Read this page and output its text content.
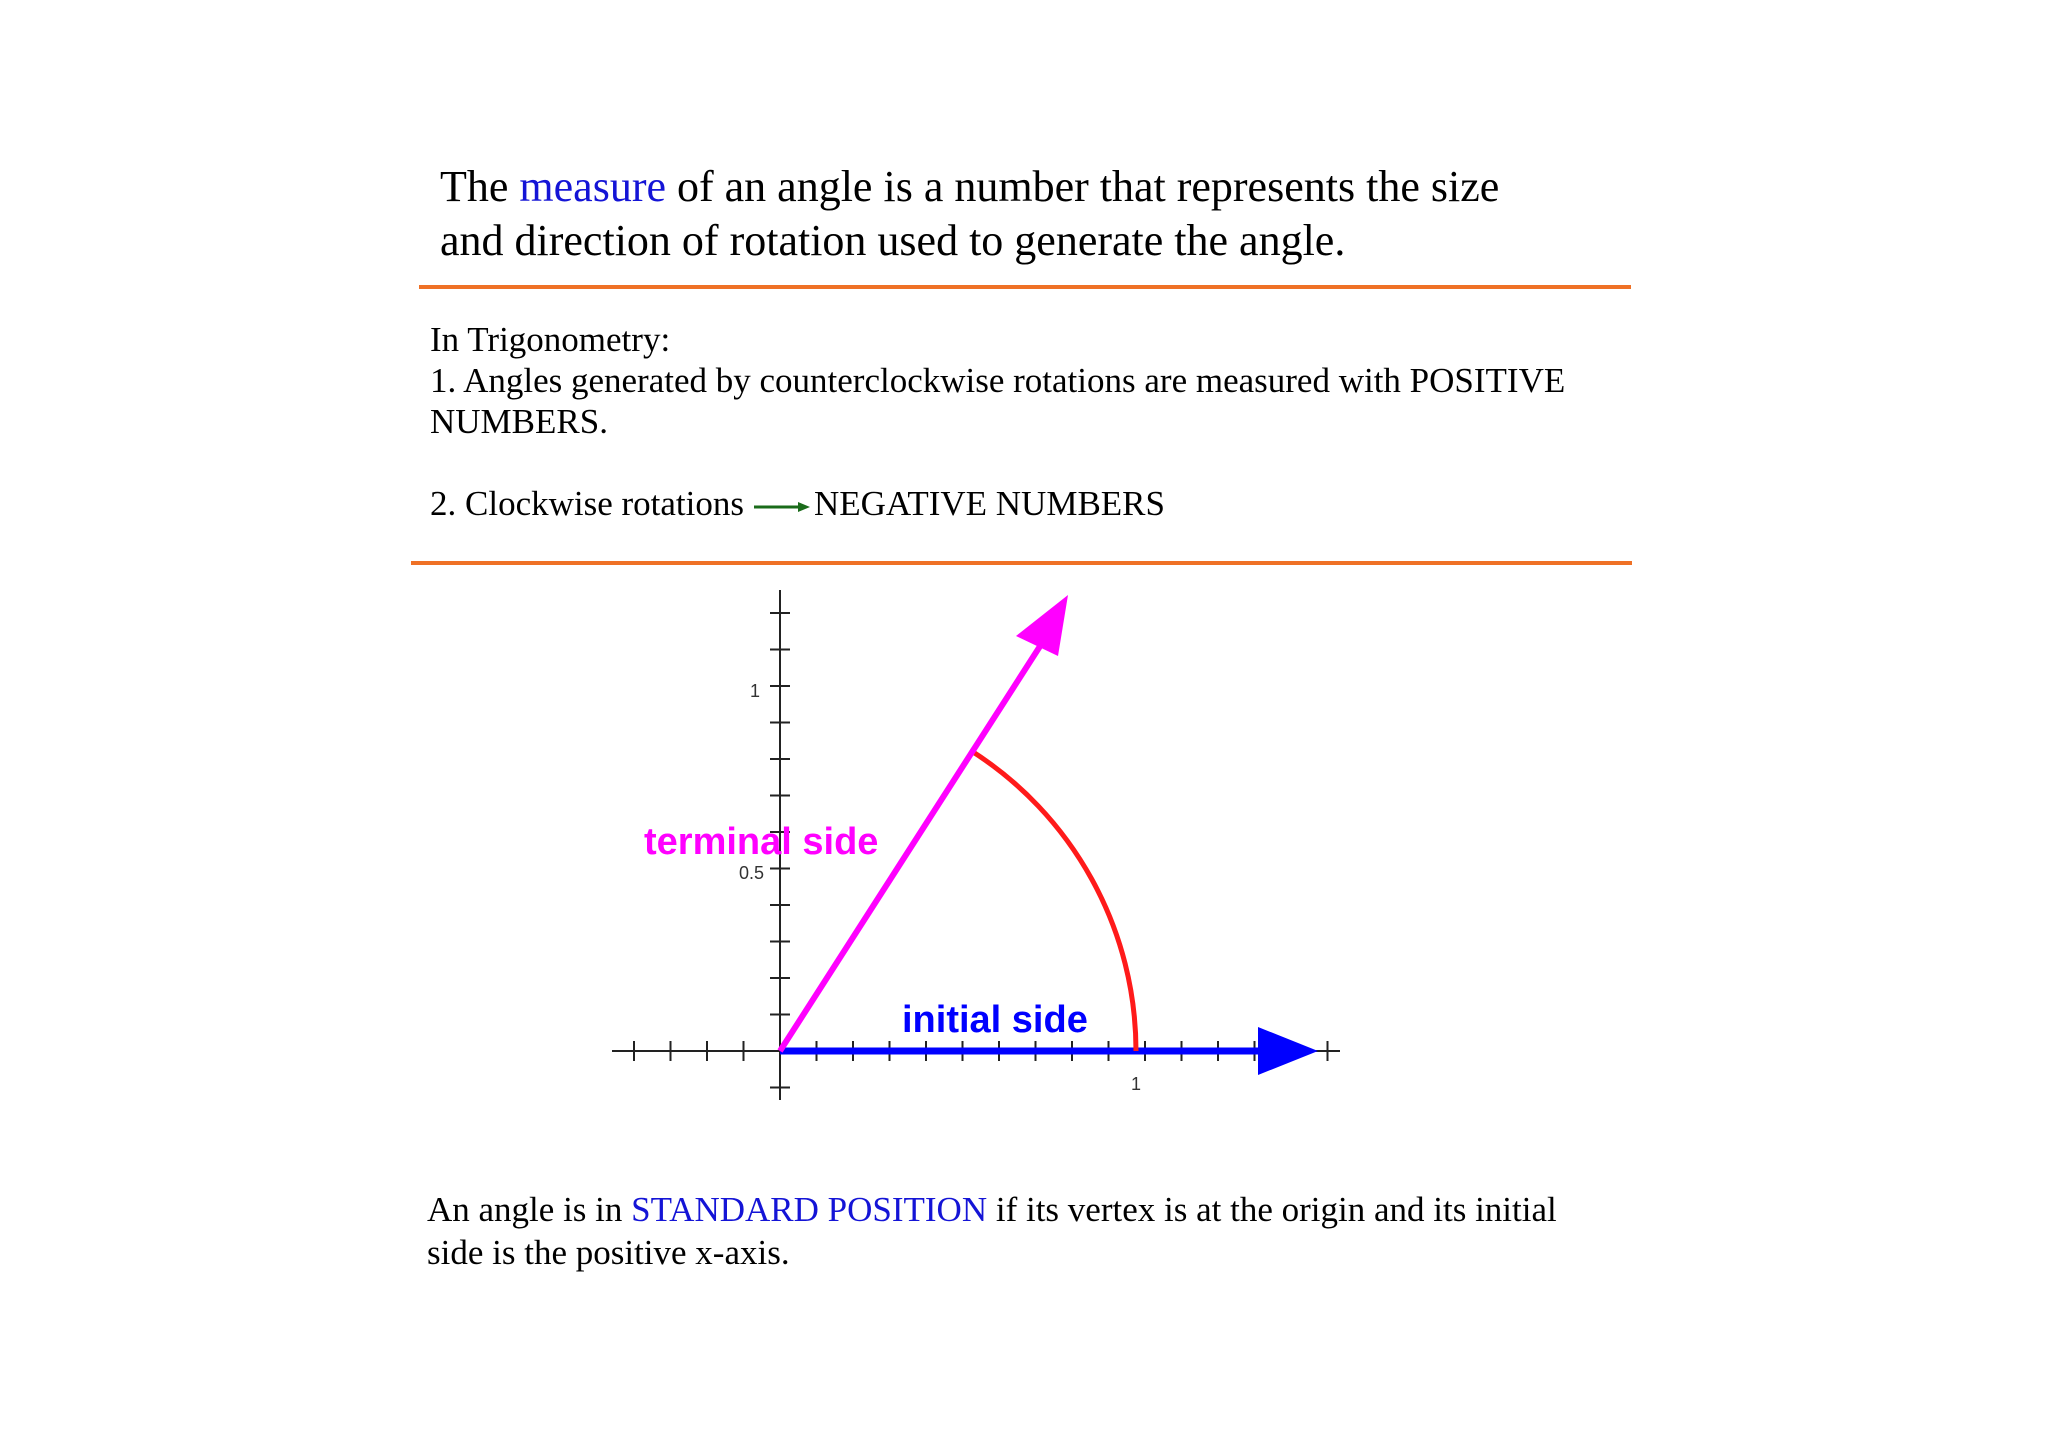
The measure of an angle is a number that represents the size
and direction of rotation used to generate the angle.
In Trigonometry:
1. Angles generated by counterclockwise rotations are measured with POSITIVE
NUMBERS.
2. Clockwise rotations NEGATIVE NUMBERS
1
0.5
1
terminal side
initial side
An angle is in STANDARD POSITION if its vertex is at the origin and its initial
side is the positive x-axis.
